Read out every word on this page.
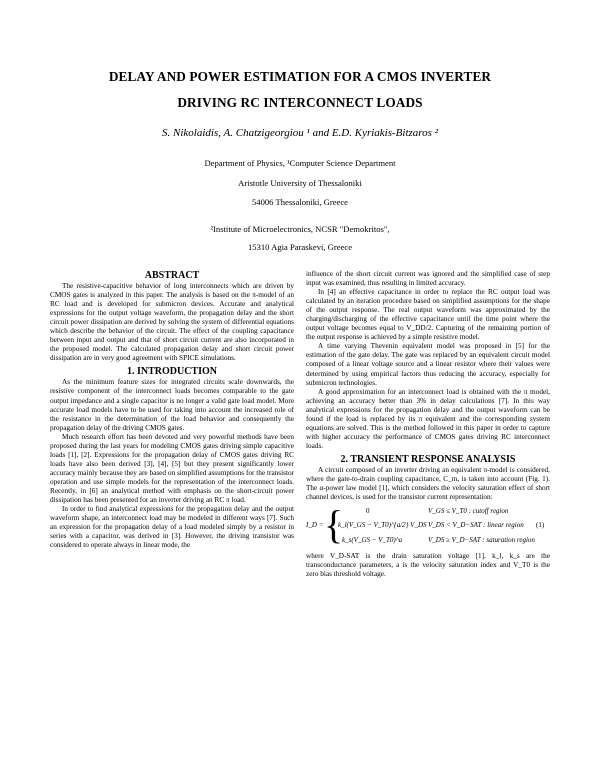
DELAY AND POWER ESTIMATION FOR A CMOS INVERTER
DRIVING RC INTERCONNECT LOADS
S. Nikolaidis, A. Chatzigeorgiou ¹ and E.D. Kyriakis-Bitzaros ²
Department of Physics, ¹Computer Science Department
Aristotle University of Thessaloniki
54006 Thessaloniki, Greece
²Institute of Microelectronics, NCSR "Demokritos",
15310 Agia Paraskevi, Greece
ABSTRACT

The resistive-capacitive behavior of long interconnects which are driven by CMOS gates is analyzed in this paper. The analysis is based on the π-model of an RC load and is developed for submicron devices. Accurate and analytical expressions for the output voltage waveform, the propagation delay and the short circuit power dissipation are derived by solving the system of differential equations which describe the behavior of the circuit. The effect of the coupling capacitance between input and output and that of short circuit current are also incorporated in the proposed model. The calculated propagation delay and short circuit power dissipation are in very good agreement with SPICE simulations.

1. INTRODUCTION

As the minimum feature sizes for integrated circuits scale downwards, the resistive component of the interconnect loads becomes comparable to the gate output impedance and a single capacitor is no longer a valid gate load model. More accurate load models have to be used for taking into account the increased role of the resistance in the determination of the load behavior and consequently the propagation delay of the driving CMOS gates.

Much research effort has been devoted and very powerful methods have been proposed during the last years for modeling CMOS gates driving simple capacitive loads [1], [2]. Expressions for the propagation delay of CMOS gates driving RC loads have also been derived [3], [4], [5] but they present significantly lower accuracy mainly because they are based on simplified assumptions for the transistor operation and use simple models for the representation of the interconnect loads. Recently, in [6] an analytical method with emphasis on the short-circuit power dissipation has been presented for an inverter driving an RC π load.

In order to find analytical expressions for the propagation delay and the output waveform shape, an interconnect load may be modeled in different ways [7]. Such an expression for the propagation delay of a load modeled simply by a resistor in series with a capacitor, was derived in [3]. However, the driving transistor was considered to operate always in linear mode, the

influence of the short circuit current was ignored and the simplified case of step input was examined, thus resulting in limited accuracy.

In [4] an effective capacitance in order to replace the RC output load was calculated by an iteration procedure based on simplified assumptions for the shape of the output response. The real output waveform was approximated by the charging/discharging of the effective capacitance until the time point where the output voltage becomes equal to V_DD/2. Capturing of the remaining portion of the output response is achieved by a simple resistive model.

A time varying Thevenin equivalent model was proposed in [5] for the estimation of the gate delay. The gate was replaced by an equivalent circuit model composed of a linear voltage source and a linear resistor where their values were determined by using empirical factors thus reducing the accuracy, especially for submicron technologies.

A good approximation for an interconnect load is obtained with the π model, achieving an accuracy better than 3% in delay calculations [7]. In this way analytical expressions for the propagation delay and the output waveform can be found if the load is replaced by its π equivalent and the corresponding system equations are solved. This is the method followed in this paper in order to capture with higher accuracy the performance of CMOS gates driving RC interconnect loads.

2. TRANSIENT RESPONSE ANALYSIS

A circuit composed of an inverter driving an equivalent π-model is considered, where the gate-to-drain coupling capacitance, C_m, is taken into account (Fig. 1). The α-power law model [1], which considers the velocity saturation effect of short channel devices, is used for the transistor current representation:

I_D = {	0	V_GS ≤ V_T0 : cutoff region
k_l(V_GS − V_T0)^{a/2} V_DS V_DS < V_D−SAT : linear region
k_s(V_GS − V_T0)^a	V_DS ≥ V_D−SAT : saturation region
(1)

where V_D-SAT is the drain saturation voltage [1], k_l, k_s are the transconductance parameters, a is the velocity saturation index and V_T0 is the zero bias threshold voltage.
